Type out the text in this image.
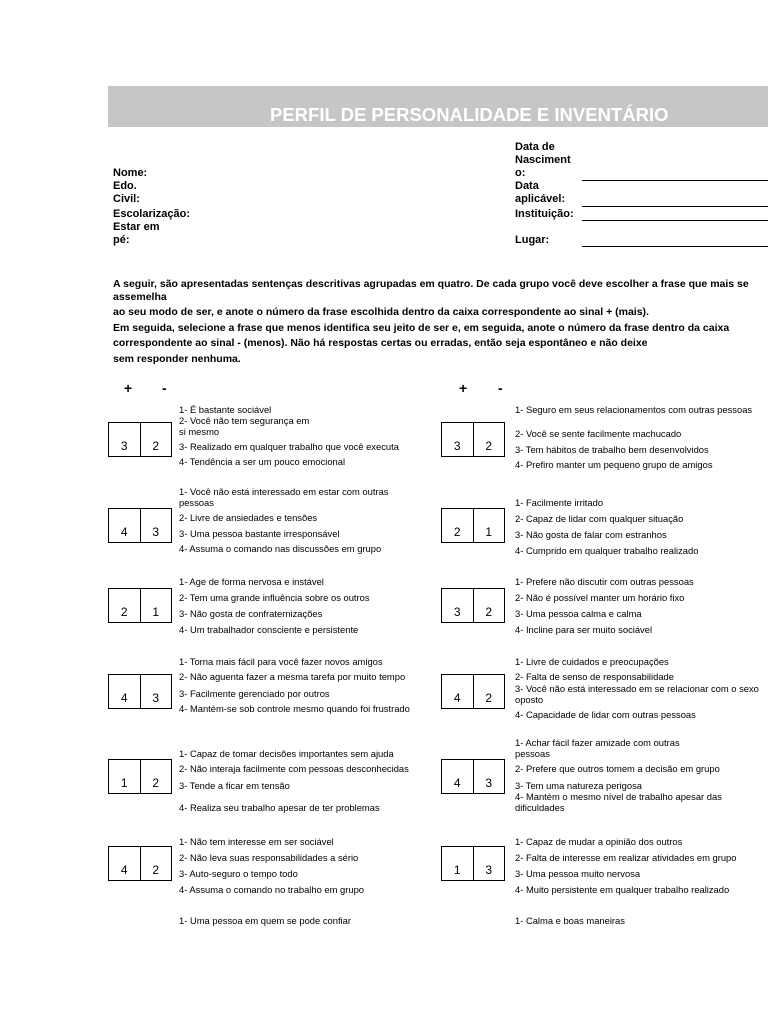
PERFIL DE PERSONALIDADE E INVENTÁRIO
Nome:
Edo.
Civil:
Escolarização:
Estar em
pé:
Data de
Nasciment
o:
Data
aplicável:
Instituição:
Lugar:

A seguir, são apresentadas sentenças descritivas agrupadas em quatro. De cada grupo você deve escolher a frase que mais se

assemelha

ao seu modo de ser, e anote o número da frase escolhida dentro da caixa correspondente ao sinal + (mais).

Em seguida, selecione a frase que menos identifica seu jeito de ser e, em seguida, anote o número da frase dentro da caixa

correspondente ao sinal - (menos). Não há respostas certas ou erradas, então seja espontâneo e não deixe

sem responder nenhuma.

+ -	+ -
3	2

1- É bastante sociável

2- Você não tem segurança em

si mesmo

3- Realizado em qualquer trabalho que você executa

4- Tendência a ser um pouco emocional

4	3

1- Você não está interessado em estar com outras

pessoas

2- Livre de ansiedades e tensões

3- Uma pessoa bastante irresponsável

4- Assuma o comando nas discussões em grupo

2	1

1- Age de forma nervosa e instável

2- Tem uma grande influência sobre os outros

3- Não gosta de confraternizações

4- Um trabalhador consciente e persistente

4	3

1- Torna mais fácil para você fazer novos amigos

2- Não aguenta fazer a mesma tarefa por muito tempo

3- Facilmente gerenciado por outros

4- Mantém-se sob controle mesmo quando foi frustrado

1	2

1- Capaz de tomar decisões importantes sem ajuda

2- Não interaja facilmente com pessoas desconhecidas

3- Tende a ficar em tensão

4- Realiza seu trabalho apesar de ter problemas

4	2

1- Não tem interesse em ser sociável

2- Não leva suas responsabilidades a sério

3- Auto-seguro o tempo todo

4- Assuma o comando no trabalho em grupo

3	2

1- Seguro em seus relacionamentos com outras pessoas

2- Você se sente facilmente machucado

3- Tem hábitos de trabalho bem desenvolvidos

4- Prefiro manter um pequeno grupo de amigos

2	1

1- Facilmente irritado

2- Capaz de lidar com qualquer situação

3- Não gosta de falar com estranhos

4- Cumprido em qualquer trabalho realizado

3	2

1- Prefere não discutir com outras pessoas

2- Não é possível manter um horário fixo

3- Uma pessoa calma e calma

4- Incline para ser muito sociável

4	2

1- Livre de cuidados e preocupações

2- Falta de senso de responsabilidade

3- Você não está interessado em se relacionar com o sexo

oposto

4- Capacidade de lidar com outras pessoas

4	3

1- Achar fácil fazer amizade com outras

pessoas

2- Prefere que outros tomem a decisão em grupo

3- Tem uma natureza perigosa

4- Mantém o mesmo nível de trabalho apesar das

dificuldades

1	3

1- Capaz de mudar a opinião dos outros

2- Falta de interesse em realizar atividades em grupo

3- Uma pessoa muito nervosa

4- Muito persistente em qualquer trabalho realizado

1- Uma pessoa em quem se pode confiar	1- Calma e boas maneiras
